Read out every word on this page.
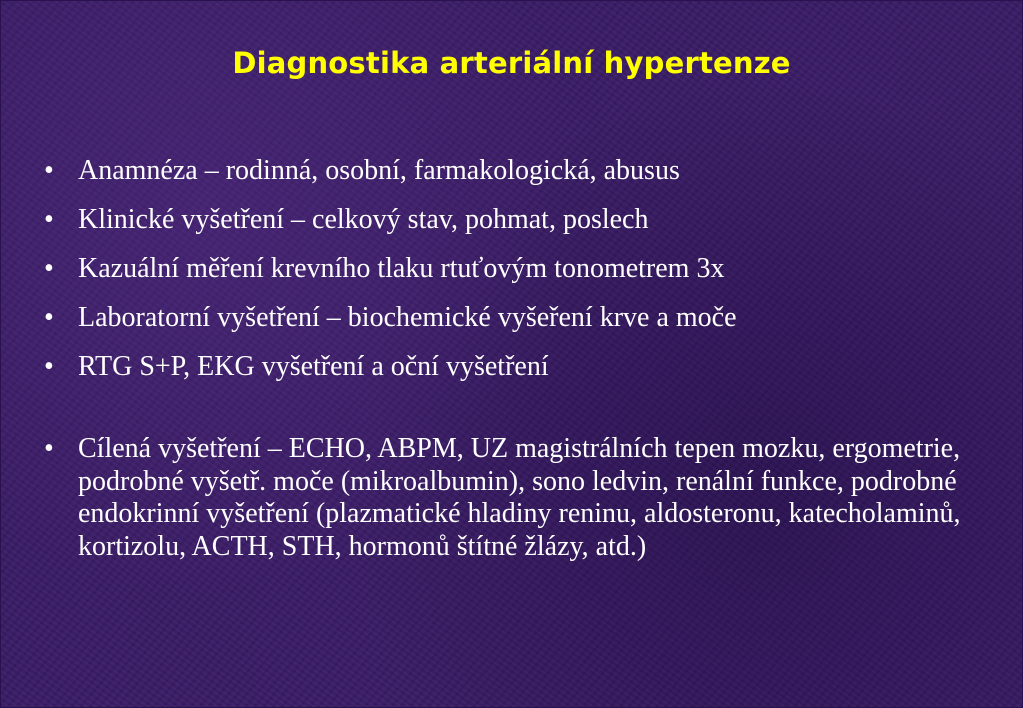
Diagnostika arteriální hypertenze
• Anamnéza – rodinná, osobní, farmakologická, abusus
• Klinické vyšetření – celkový stav, pohmat, poslech
• Kazuální měření krevního tlaku rtuťovým tonometrem 3x
• Laboratorní vyšetření – biochemické vyšeření krve a moče
• RTG S+P, EKG vyšetření a oční vyšetření
• Cílená vyšetření – ECHO, ABPM, UZ magistrálních tepen mozku, ergometrie, podrobné vyšetř. moče (mikroalbumin), sono ledvin, renální funkce, podrobné endokrinní vyšetření (plazmatické hladiny reninu, aldosteronu, katecholaminů, kortizolu, ACTH, STH, hormonů štítné žlázy, atd.)
